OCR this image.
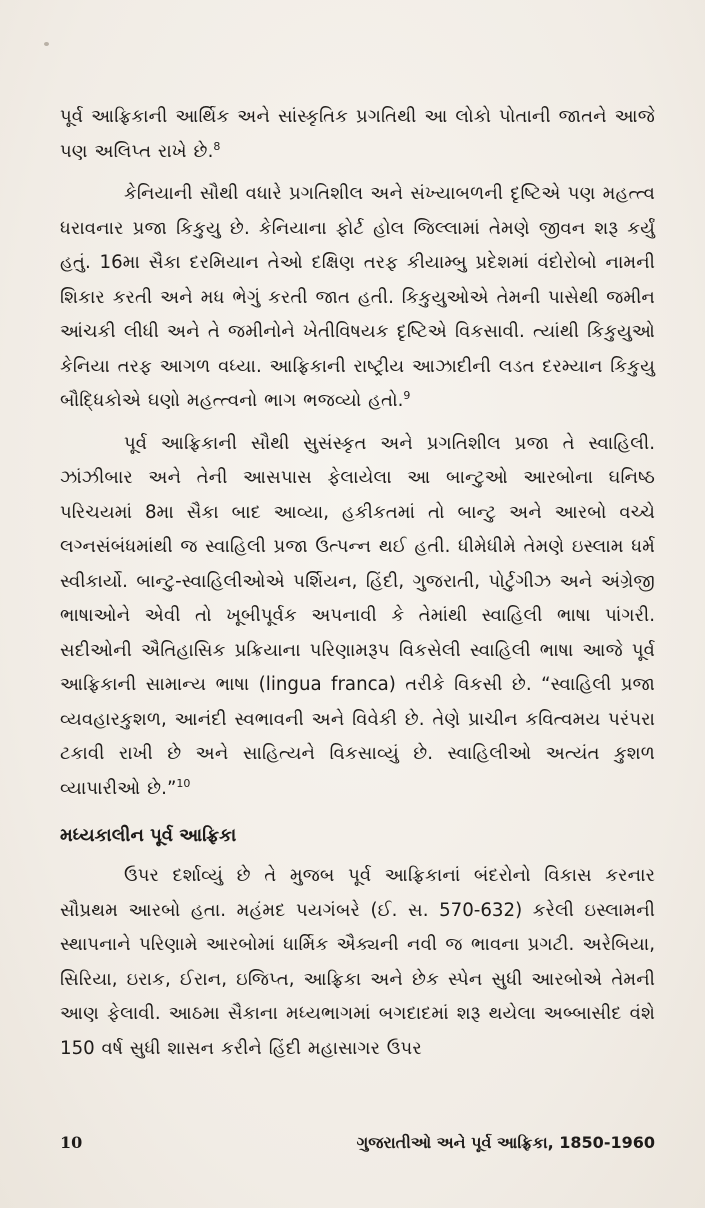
પૂર્વ આફ્રિકાની આર્થિક અને સાંસ્કૃતિક પ્રગતિથી આ લોકો પોતાની જાતને આજે પણ અલિપ્ત રાખે છે.$^8$

કેનિયાની સૌથી વધારે પ્રગતિશીલ અને સંખ્યાબળની દૃષ્ટિએ પણ મહત્ત્વ ધરાવનાર પ્રજા કિકુયુ છે. કેનિયાના ફોર્ટ હોલ જિલ્લામાં તેમણે જીવન શરૂ કર્યું હતું. 16મા સૈકા દરમિયાન તેઓ દક્ષિણ તરફ કીયામ્બુ પ્રદેશમાં વંદોરોબો નામની શિકાર કરતી અને મધ ભેગું કરતી જાત હતી. કિકુયુઓએ તેમની પાસેથી જમીન આંચકી લીધી અને તે જમીનોને ખેતીવિષયક દૃષ્ટિએ વિકસાવી. ત્યાંથી કિકુયુઓ કેનિયા તરફ આગળ વધ્યા. આફ્રિકાની રાષ્ટ્રીય આઝાદીની લડત દરમ્યાન કિકુયુ બૌદ્ધિકોએ ઘણો મહત્ત્વનો ભાગ ભજવ્યો હતો.$^9$

પૂર્વ આફ્રિકાની સૌથી સુસંસ્કૃત અને પ્રગતિશીલ પ્રજા તે સ્વાહિલી. ઝાંઝીબાર અને તેની આસપાસ ફેલાયેલા આ બાન્ટુઓ આરબોના ઘનિષ્ઠ પરિચયમાં 8મા સૈકા બાદ આવ્યા, હકીકતમાં તો બાન્ટુ અને આરબો વચ્ચે લગ્નસંબંધમાંથી જ સ્વાહિલી પ્રજા ઉત્પન્ન થઈ હતી. ધીમેધીમે તેમણે ઇસ્લામ ધર્મ સ્વીકાર્યો. બાન્ટુ-સ્વાહિલીઓએ પર્શિયન, હિંદી, ગુજરાતી, પોર્ટુગીઝ અને અંગ્રેજી ભાષાઓને એવી તો ખૂબીપૂર્વક અપનાવી કે તેમાંથી સ્વાહિલી ભાષા પાંગરી. સદીઓની ઐતિહાસિક પ્રક્રિયાના પરિણામરૂપ વિકસેલી સ્વાહિલી ભાષા આજે પૂર્વ આફ્રિકાની સામાન્ય ભાષા (lingua franca) તરીકે વિકસી છે. “સ્વાહિલી પ્રજા વ્યવહારકુશળ, આનંદી સ્વભાવની અને વિવેકી છે. તેણે પ્રાચીન કવિત્વમય પરંપરા ટકાવી રાખી છે અને સાહિત્યને વિકસાવ્યું છે. સ્વાહિલીઓ અત્યંત કુશળ વ્યાપારીઓ છે.”$^{10}$

મધ્યકાલીન પૂર્વ આફ્રિકા

ઉપર દર્શાવ્યું છે તે મુજબ પૂર્વ આફ્રિકાનાં બંદરોનો વિકાસ કરનાર સૌપ્રથમ આરબો હતા. મહંમદ પયગંબરે (ઈ. સ. 570-632) કરેલી ઇસ્લામની સ્થાપનાને પરિણામે આરબોમાં ધાર્મિક ઐક્યની નવી જ ભાવના પ્રગટી. અરેબિયા, સિરિયા, ઇરાક, ઈરાન, ઇજિપ્ત, આફ્રિકા અને છેક સ્પેન સુધી આરબોએ તેમની આણ ફેલાવી. આઠમા સૈકાના મધ્યભાગમાં બગદાદમાં શરૂ થયેલા અબ્બાસીદ વંશે 150 વર્ષ સુધી શાસન કરીને હિંદી મહાસાગર ઉપર

10	ગુજરાતીઓ અને પૂર્વ આફ્રિકા, 1850-1960
